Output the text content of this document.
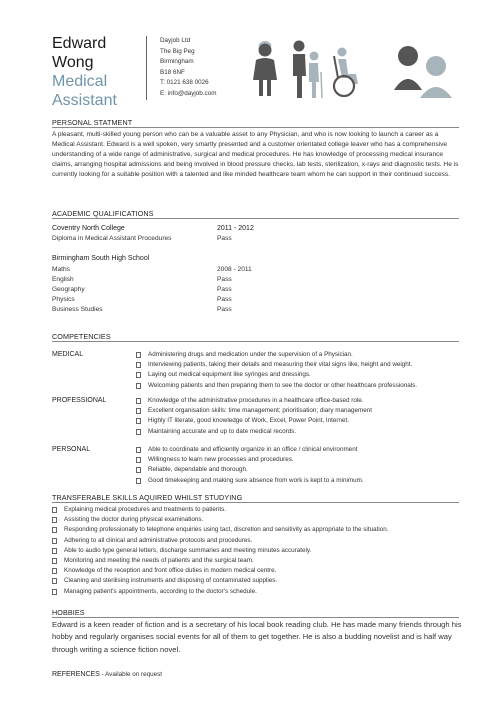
Edward
Wong
Medical
Assistant
Dayjob Ltd
The Big Peg
Birmingham
B18 6NF
T: 0121 638 0026
E: info@dayjob.com
PERSONAL STATMENT
A pleasant, multi-skilled young person who can be a valuable asset to any Physician, and who is now looking to launch a career as a Medical Assistant. Edward is a well spoken, very smartly presented and a customer orientated college leaver who has a comprehensive understanding of a wide range of administrative, surgical and medical procedures. He has knowledge of processing medical insurance claims, arranging hospital admissions and being involved in blood pressure checks, lab tests, sterilization, x-rays and diagnostic tests. He is currently looking for a suitable position with a talented and like minded healthcare team whom he can support in their continued success.
ACADEMIC QUALIFICATIONS
Coventry North College	2011 - 2012
Diploma in Medical Assistant Procedures	Pass
Birmingham South High School
Maths	2008 - 2011
English	Pass
Geography	Pass
Physics	Pass
Business Studies	Pass
COMPETENCIES
MEDICAL	Administering drugs and medication under the supervision of a Physician.
Interviewing patients, taking their details and measuring their vital signs like, height and weight.
Laying out medical equipment like syringes and dressings.
Welcoming patients and then preparing them to see the doctor or other healthcare professionals.
PROFESSIONAL	Knowledge of the administrative procedures in a healthcare office-based role.
Excellent organisation skills: time management; prioritisation; diary management
Highly IT literate, good knowledge of Work, Excel, Power Point, Internet.
Maintaining accurate and up to date medical records.
PERSONAL	Able to coordinate and efficiently organize in an office / clinical environment
Willingness to learn new processes and procedures.
Reliable, dependable and thorough.
Good timekeeping and making sure absence from work is kept to a minimum.
TRANSFERABLE SKILLS AQUIRED WHILST STUDYING
Explaining medical procedures and treatments to patients.
Assisting the doctor during physical examinations.
Responding professionally to telephone enquiries using tact, discretion and sensitivity as appropriate to the situation.
Adhering to all clinical and administrative protocols and procedures.
Able to audio type general letters, discharge summaries and meeting minutes accurately.
Monitoring and meeting the needs of patients and the surgical team.
Knowledge of the reception and front office duties in modern medical centre.
Cleaning and sterilising instruments and disposing of contaminated supplies.
Managing patient's appointments, according to the doctor's schedule.
HOBBIES
Edward is a keen reader of fiction and is a secretary of his local book reading club. He has made many friends through his hobby and regularly organises social events for all of them to get together. He is also a budding novelist and is half way through writing a science fiction novel.
REFERENCES - Available on request
